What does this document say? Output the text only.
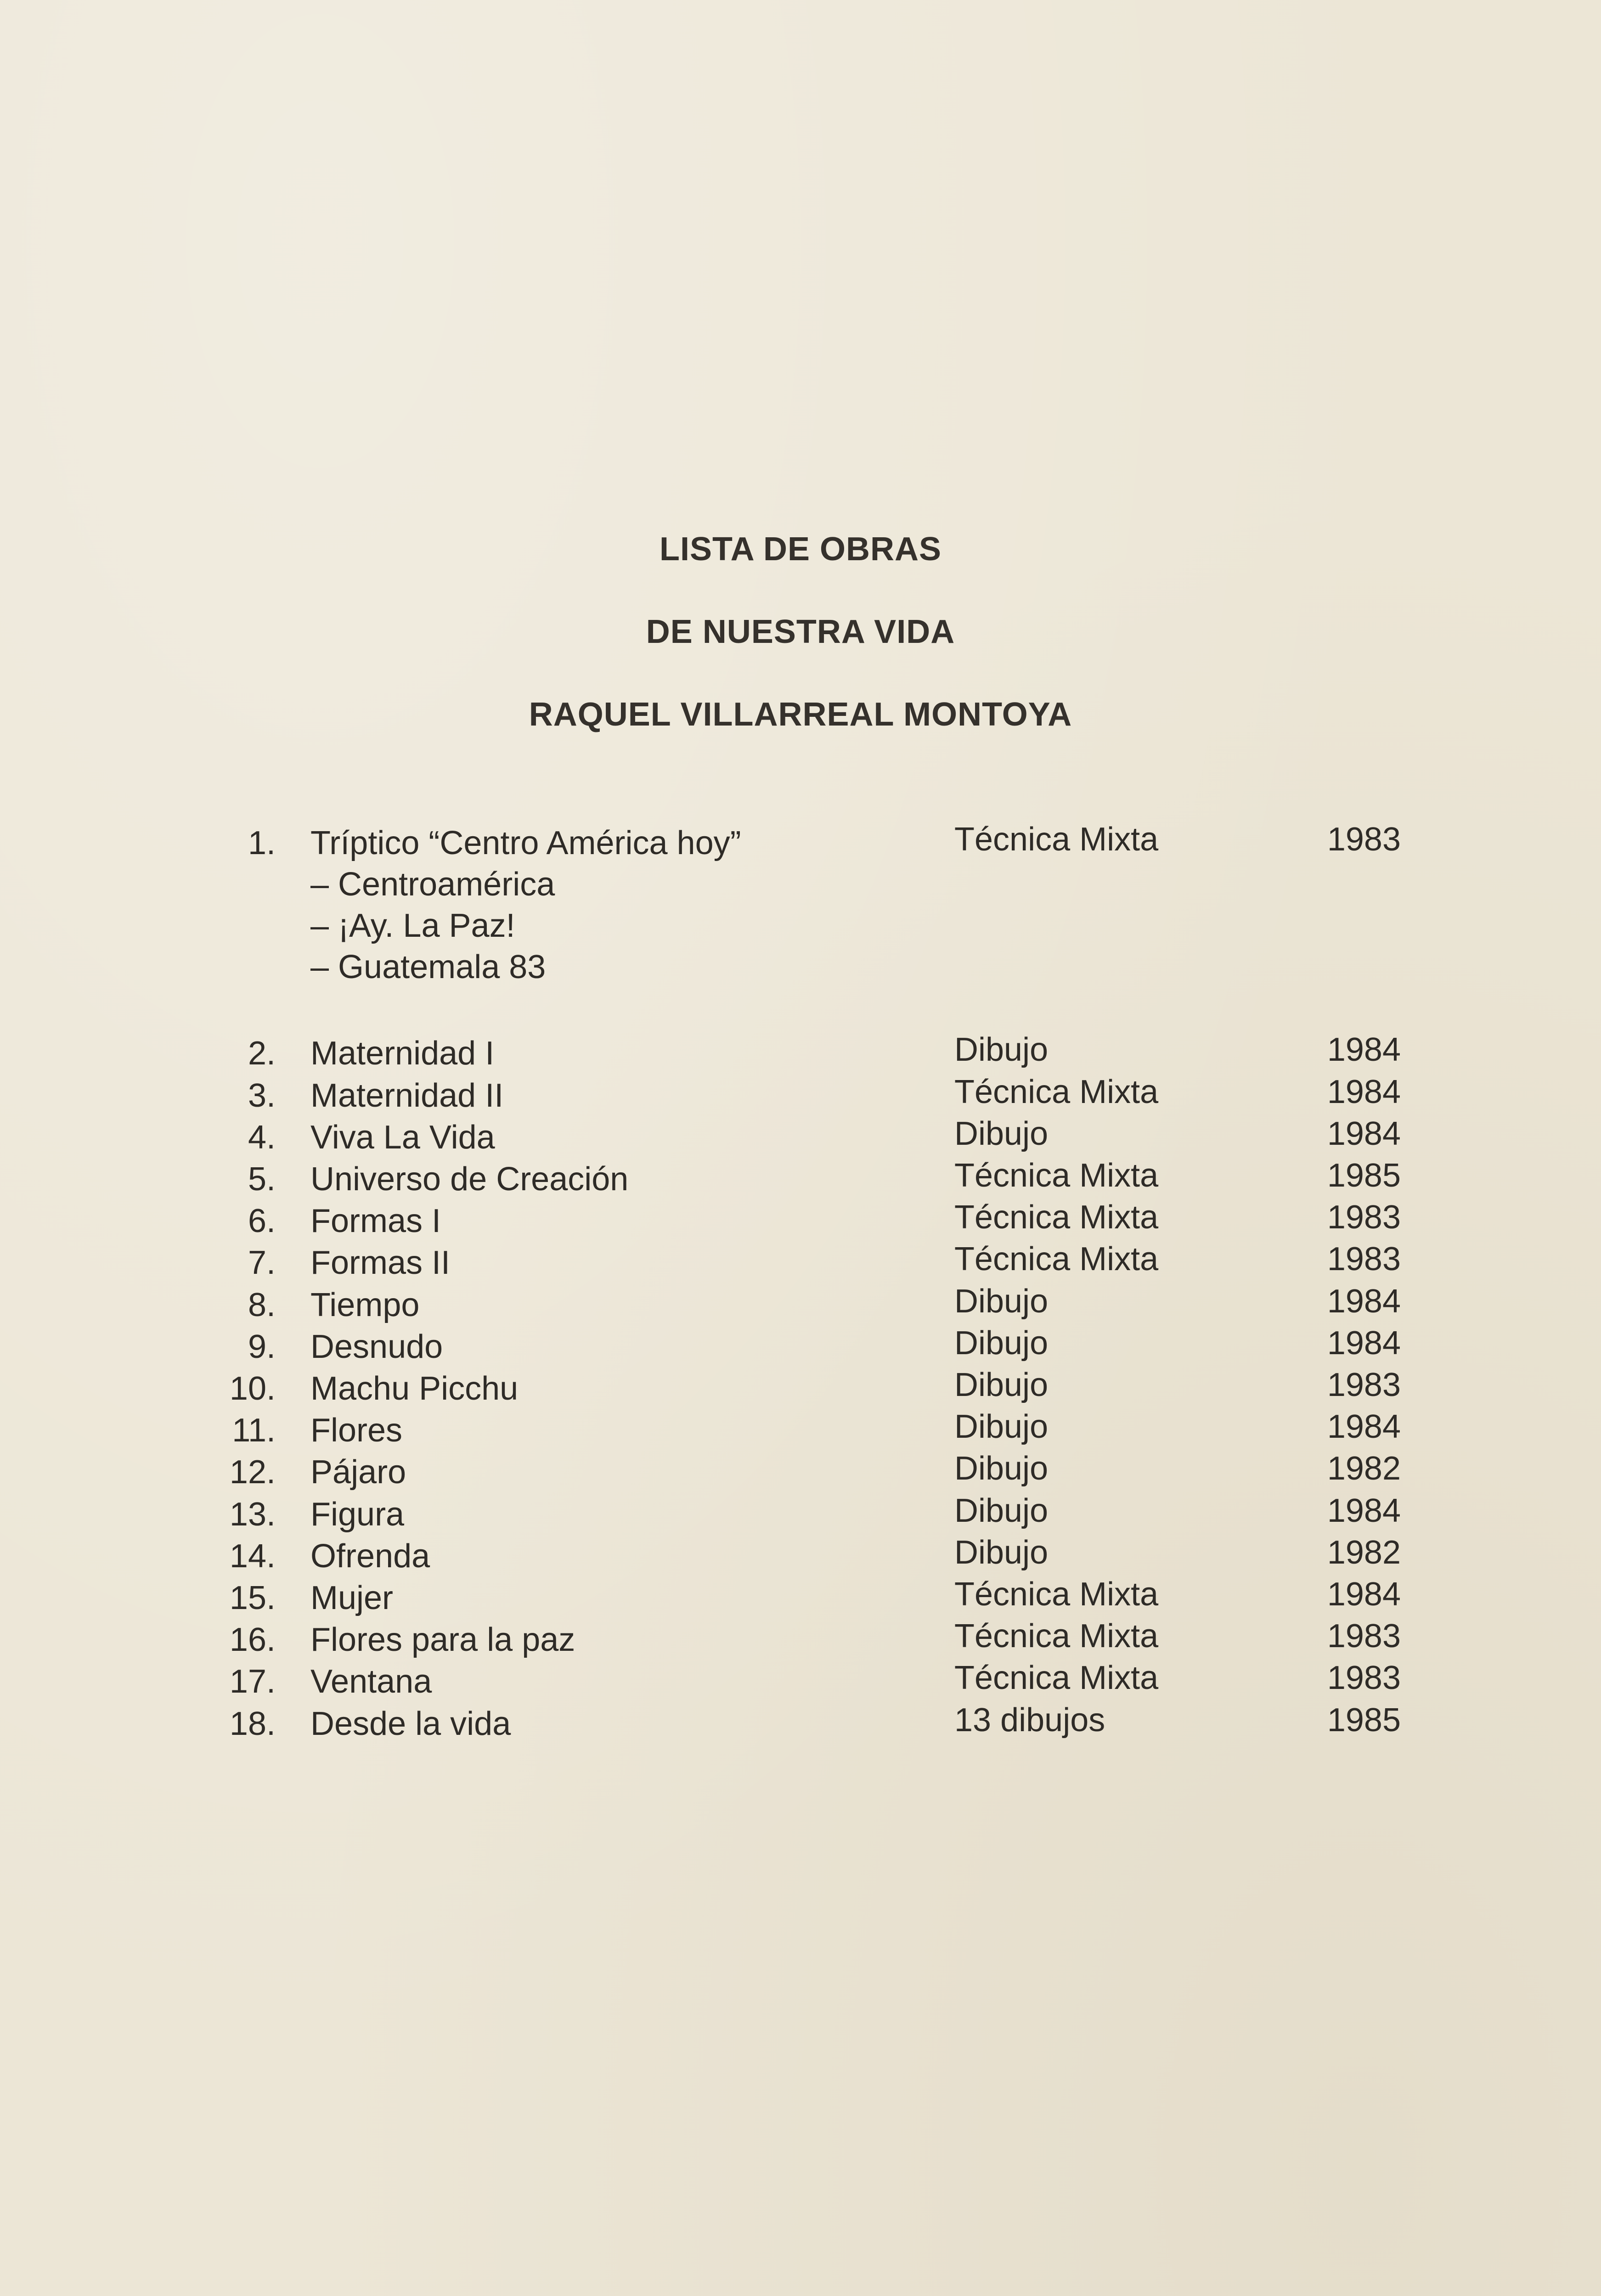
LISTA DE OBRAS
DE NUESTRA VIDA
RAQUEL VILLARREAL MONTOYA
1. Tríptico “Centro América hoy”	Técnica Mixta	1983
– Centroamérica
– ¡Ay. La Paz!
– Guatemala 83
2. Maternidad I	Dibujo	1984
3. Maternidad II	Técnica Mixta	1984
4. Viva La Vida	Dibujo	1984
5. Universo de Creación	Técnica Mixta	1985
6. Formas I	Técnica Mixta	1983
7. Formas II	Técnica Mixta	1983
8. Tiempo	Dibujo	1984
9. Desnudo	Dibujo	1984
10. Machu Picchu	Dibujo	1983
11. Flores	Dibujo	1984
12. Pájaro	Dibujo	1982
13. Figura	Dibujo	1984
14. Ofrenda	Dibujo	1982
15. Mujer	Técnica Mixta	1984
16. Flores para la paz	Técnica Mixta	1983
17. Ventana	Técnica Mixta	1983
18. Desde la vida	13 dibujos	1985
